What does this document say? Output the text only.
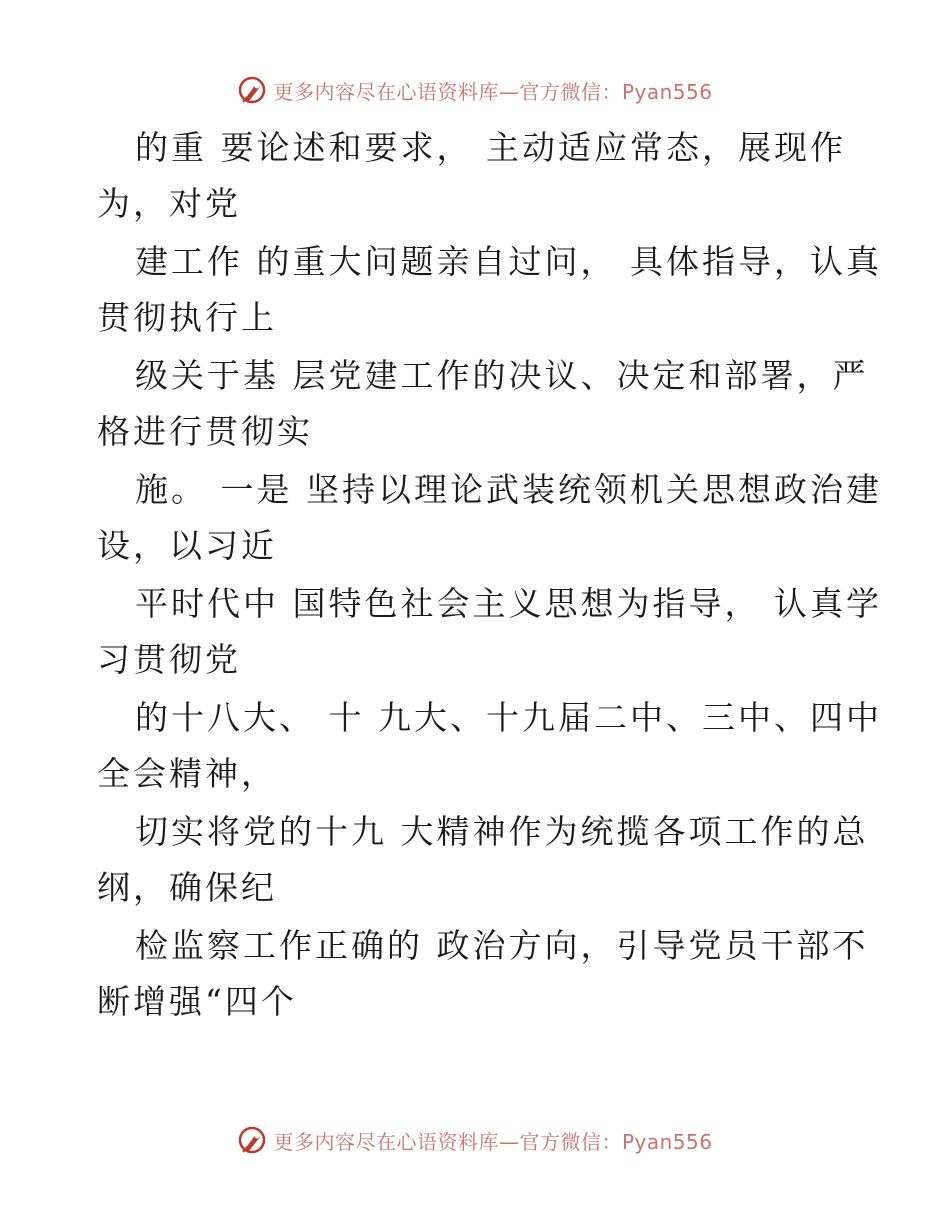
更多内容尽在心语资料库—官方微信：Pyan556
的重 要论述和要求， 主动适应常态，展现作
为，对党
建工作 的重大问题亲自过问， 具体指导，认真
贯彻执行上
级关于基 层党建工作的决议、决定和部署，严
格进行贯彻实
施。 一是 坚持以理论武装统领机关思想政治建
设，以习近
平时代中 国特色社会主义思想为指导， 认真学
习贯彻党
的十八大、 十 九大、十九届二中、三中、四中
全会精神，
切实将党的十九 大精神作为统揽各项工作的总
纲，确保纪
检监察工作正确的 政治方向，引导党员干部不
断增强“四个
更多内容尽在心语资料库—官方微信：Pyan556
